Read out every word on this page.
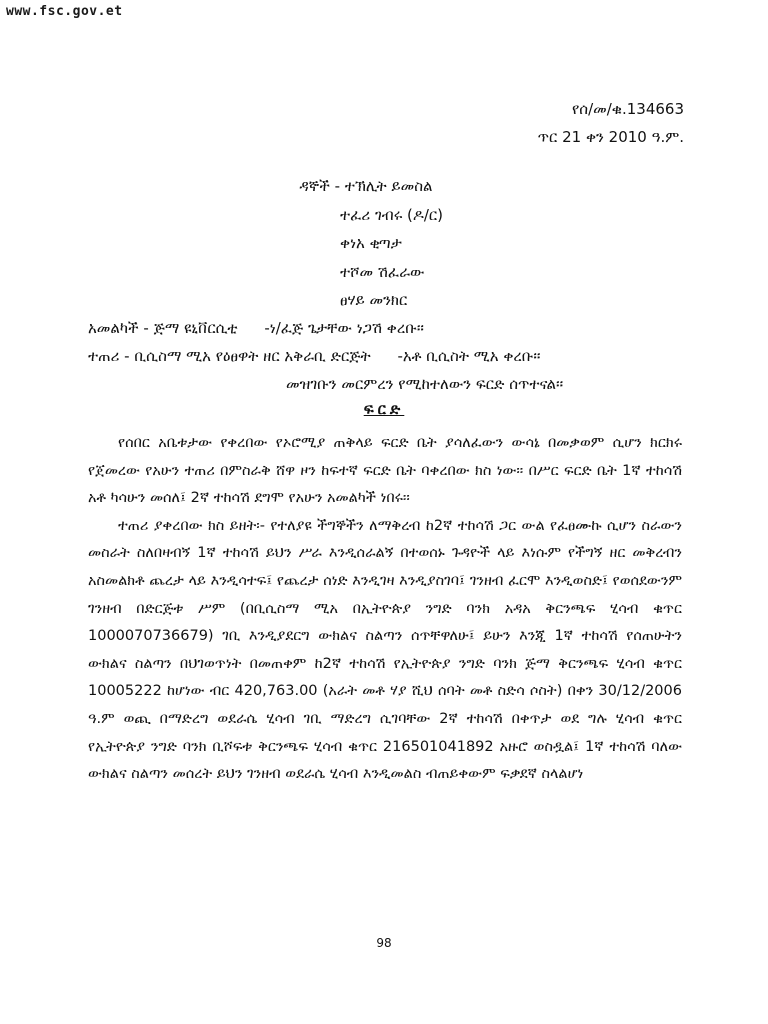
www.fsc.gov.et
የሰ/መ/ቁ.134663
ጥር 21 ቀን 2010 ዓ.ም.
ዳኞች - ተኽሊት ይመስል
ተፈሪ ገብሩ (ዶ/ር)
ቀነአ ቂጣታ
ተሾመ ሽፈራው
ፀሃይ መንክር
አመልካች - ጅማ ዩኒቨርሲቲ -ነ/ፈጅ ጌታቸው ነጋሽ ቀረቡ፡፡
ተጠሪ - ቢሲስማ ሚአ የዕፀዋት ዘር አቅራቢ ድርጅት -አቶ ቢሲስት ሚአ ቀረቡ፡፡
መዝገቡን መርምረን የሚከተለውን ፍርድ ሰጥተናል፡፡
ፍርድ

የሰበር አቤቱታው የቀረበው የኦሮሚያ ጠቅላይ ፍርድ ቤት ያሳለፈውን ውሳኔ በመቃወም ሲሆን ክርክሩ የጀመረው የአሁን ተጠሪ በምስራቅ ሸዋ ዞን ከፍተኛ ፍርድ ቤት ባቀረበው ክስ ነው፡፡ በሥር ፍርድ ቤት 1ኛ ተከሳሽ አቶ ካሳሁን መሰለ፤ 2ኛ ተከሳሽ ደግሞ የአሁን አመልካች ነበሩ፡፡

ተጠሪ ያቀረበው ክስ ይዘት፡- የተለያዩ ችግኞችን ለማቅረብ ከ2ኛ ተከሳሽ ጋር ውል የፈፀሙኩ ሲሆን ስራውን መስራት ስለበዛብኝ 1ኛ ተከሳሽ ይህን ሥራ እንዲሰራልኝ በተወሰኑ ጉዳዮች ላይ እነሱም የችግኝ ዘር መቅረብን አስመልክቶ ጨረታ ላይ እንዲሳተፍ፤ የጨረታ ሰነድ እንዲገዛ እንዲያስገባ፤ ገንዘብ ፈርሞ እንዲወስድ፤ የወሰደውንም ገንዘብ በድርጅቱ ሥም (በቢሲስማ ሚአ በኢትዮጵያ ንግድ ባንክ አዳአ ቅርንጫፍ ሂሳብ ቁጥር 1000070736679) ገቢ እንዲያደርግ ውክልና ስልጣን ሰጥቸዋለሁ፤ ይሁን እንጂ 1ኛ ተከሳሽ የሰጠሁትን ውክልና ስልጣን በህገወጥነት በመጠቀም ከ2ኛ ተከሳሽ የኢትዮጵያ ንግድ ባንክ ጅማ ቅርንጫፍ ሂሳብ ቁጥር 10005222 ከሆነው ብር 420,763.00 (አራት መቶ ሃያ ሺህ ሰባት መቶ ስድሳ ሶስት) በቀን 30/12/2006 ዓ.ም ወጪ በማድረግ ወደራሴ ሂሳብ ገቢ ማድረግ ሲገባቸው 2ኛ ተከሳሽ በቀጥታ ወደ ግሉ ሂሳብ ቁጥር የኢትዮጵያ ንግድ ባንክ ቢሾፍቱ ቅርንጫፍ ሂሳብ ቁጥር 216501041892 አዙሮ ወስዷል፤ 1ኛ ተከሳሽ ባለው ውክልና ስልጣን መሰረት ይህን ገንዘብ ወደራሴ ሂሳብ እንዲመልስ ብጠይቀውም ፍቃደኛ ስላልሆነ

98
